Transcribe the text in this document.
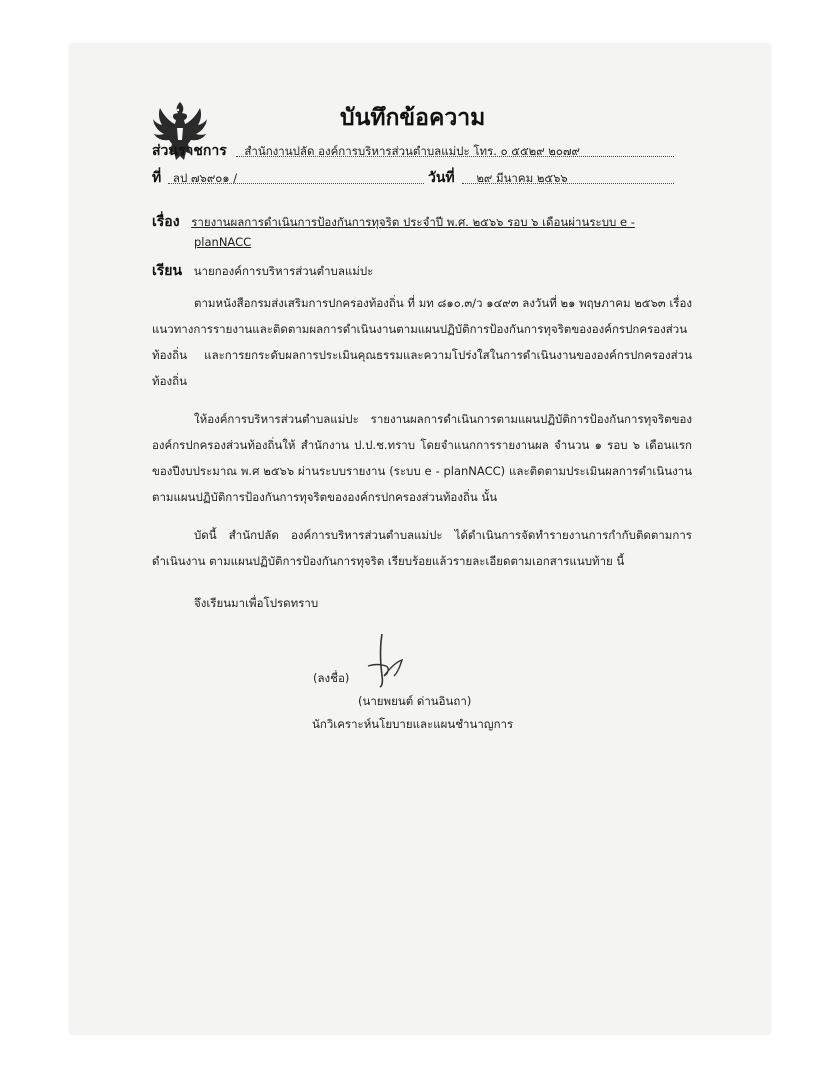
บันทึกข้อความ
ส่วนราชการ สำนักงานปลัด องค์การบริหารส่วนตำบลแม่ปะ โทร. ๐ ๕๕๒๙ ๒๐๗๙
ที่ ลป ๗๖๙๐๑ /	วันที่ ๒๙ มีนาคม ๒๕๖๖
เรื่อง รายงานผลการดำเนินการป้องกันการทุจริต ประจำปี พ.ศ. ๒๕๖๖ รอบ ๖ เดือนผ่านระบบ e -
planNACC
เรียน นายกองค์การบริหารส่วนตำบลแม่ปะ
ตามหนังสือกรมส่งเสริมการปกครองท้องถิ่น ที่ มท ๘๑๐.๓/ว ๑๔๙๓ ลงวันที่ ๒๑ พฤษภาคม ๒๕๖๓ เรื่อง แนวทางการรายงานและติดตามผลการดำเนินงานตามแผนปฏิบัติการป้องกันการทุจริตขององค์กรปกครองส่วนท้องถิ่น และการยกระดับผลการประเมินคุณธรรมและความโปร่งใสในการดำเนินงานขององค์กรปกครองส่วนท้องถิ่น
ให้องค์การบริหารส่วนตำบลแม่ปะ รายงานผลการดำเนินการตามแผนปฏิบัติการป้องกันการทุจริตขององค์กรปกครองส่วนท้องถิ่นให้ สำนักงาน ป.ป.ช.ทราบ โดยจำแนกการรายงานผล จำนวน ๑ รอบ ๖ เดือนแรกของปีงบประมาณ พ.ศ ๒๕๖๖ ผ่านระบบรายงาน (ระบบ e - planNACC) และติดตามประเมินผลการดำเนินงานตามแผนปฏิบัติการป้องกันการทุจริตขององค์กรปกครองส่วนท้องถิ่น นั้น
บัดนี้ สำนักปลัด องค์การบริหารส่วนตำบลแม่ปะ ได้ดำเนินการจัดทำรายงานการกำกับติดตามการดำเนินงาน ตามแผนปฏิบัติการป้องกันการทุจริต เรียบร้อยแล้วรายละเอียดตามเอกสารแนบท้าย นี้
จึงเรียนมาเพื่อโปรดทราบ
(ลงชื่อ)
(นายพยนต์ ด่านอินถา)
นักวิเคราะห์นโยบายและแผนชำนาญการ
